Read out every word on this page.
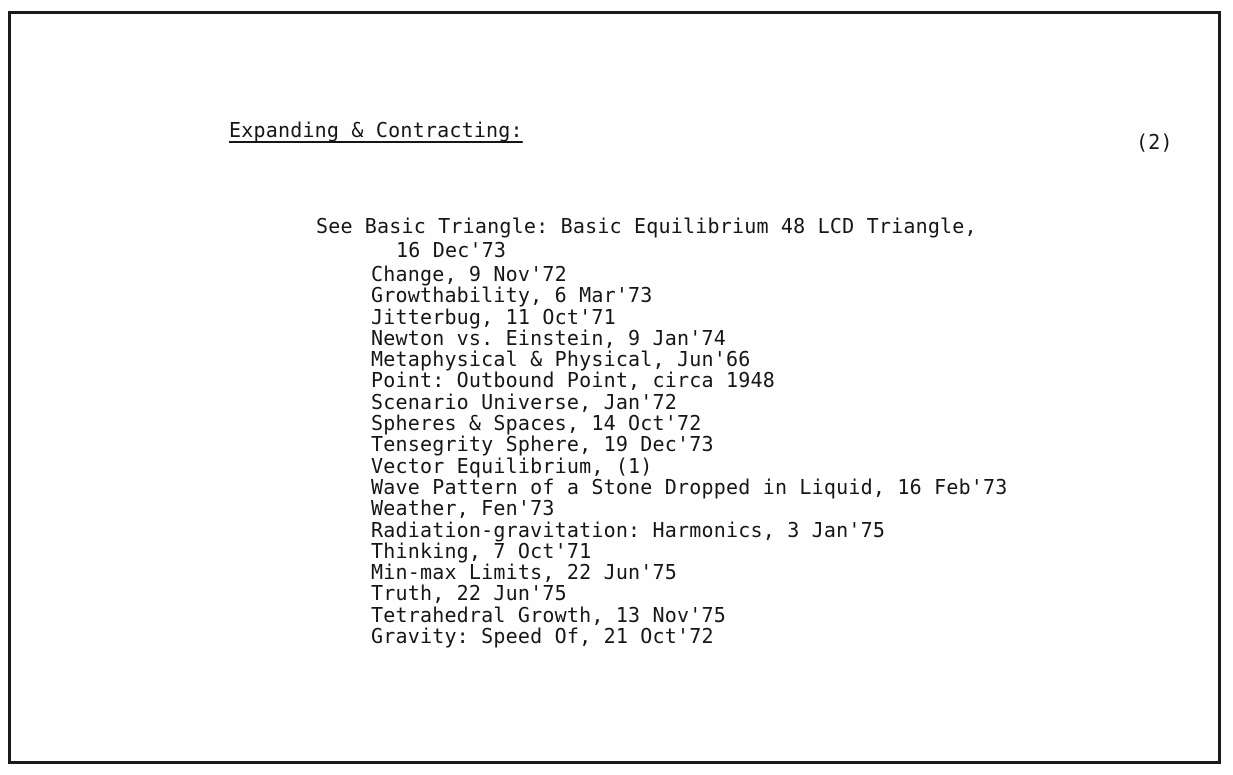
Expanding & Contracting:	(2)
See Basic Triangle: Basic Equilibrium 48 LCD Triangle,
16 Dec'73
Change, 9 Nov'72
Growthability, 6 Mar'73
Jitterbug, 11 Oct'71
Newton vs. Einstein, 9 Jan'74
Metaphysical & Physical, Jun'66
Point: Outbound Point, circa 1948
Scenario Universe, Jan'72
Spheres & Spaces, 14 Oct'72
Tensegrity Sphere, 19 Dec'73
Vector Equilibrium, (1)
Wave Pattern of a Stone Dropped in Liquid, 16 Feb'73
Weather, Fen'73
Radiation-gravitation: Harmonics, 3 Jan'75
Thinking, 7 Oct'71
Min-max Limits, 22 Jun'75
Truth, 22 Jun'75
Tetrahedral Growth, 13 Nov'75
Gravity: Speed Of, 21 Oct'72
